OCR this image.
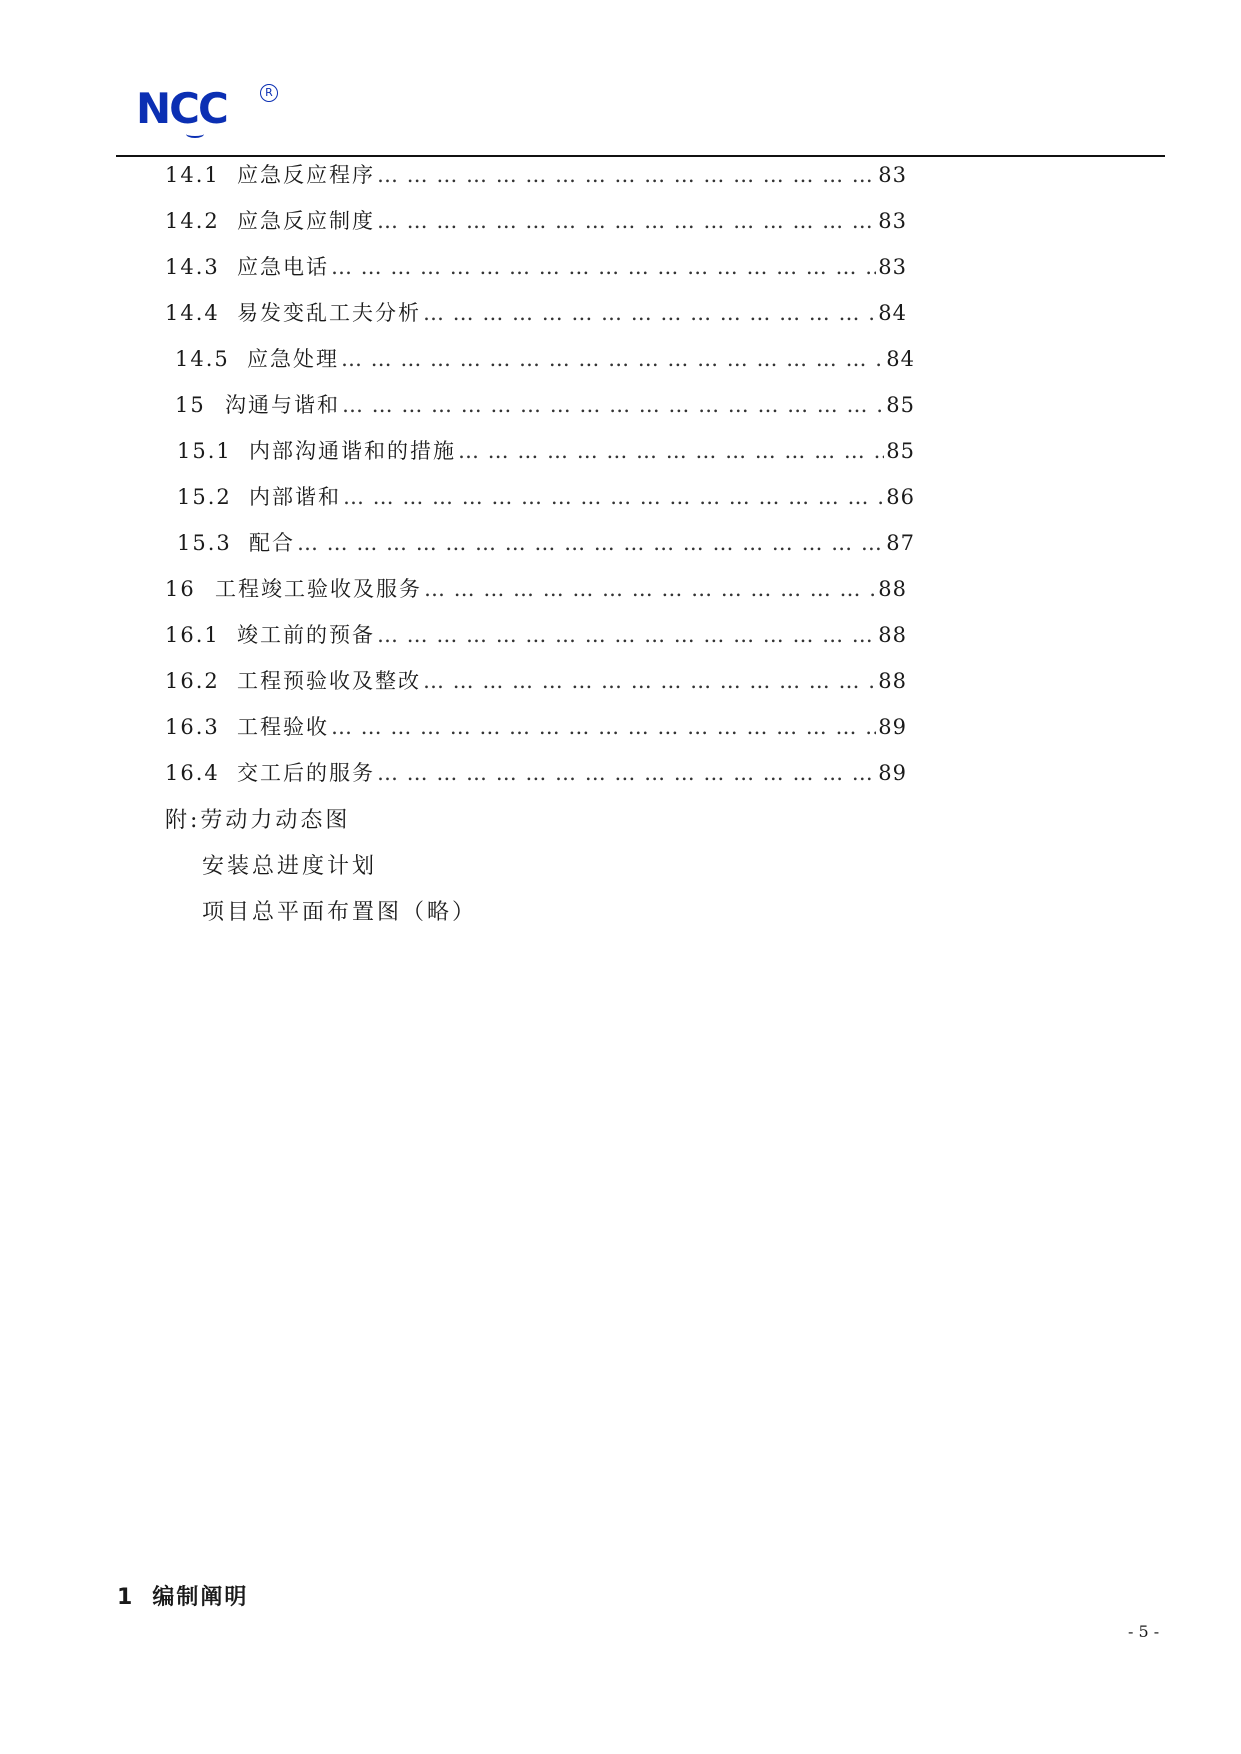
NCC	R
14.1 应急反应程序 … … … … … … … … … … … … … … … … … … … … … … … … … … … … … … … … … … … … … … … … … … … … … … … … … …	83
14.2 应急反应制度 … … … … … … … … … … … … … … … … … … … … … … … … … … … … … … … … … … … … … … … … … … … … … … … … … …	83
14.3 应急电话 … … … … … … … … … … … … … … … … … … … … … … … … … … … … … … … … … … … … … … … … … … … … … … … … … …	83
14.4 易发变乱工夫分析 … … … … … … … … … … … … … … … … … … … … … … … … … … … … … … … … … … … … … … … … … … … … … … … … … …	84
14.5 应急处理 … … … … … … … … … … … … … … … … … … … … … … … … … … … … … … … … … … … … … … … … … … … … … … … … … …	84
15 沟通与谐和 … … … … … … … … … … … … … … … … … … … … … … … … … … … … … … … … … … … … … … … … … … … … … … … … … …	85
15.1 内部沟通谐和的措施 … … … … … … … … … … … … … … … … … … … … … … … … … … … … … … … … … … … … … … … … … … … … … … … … … …	85
15.2 内部谐和 … … … … … … … … … … … … … … … … … … … … … … … … … … … … … … … … … … … … … … … … … … … … … … … … … …	86
15.3 配合 … … … … … … … … … … … … … … … … … … … … … … … … … … … … … … … … … … … … … … … … … … … … … … … … … …	87
16 工程竣工验收及服务 … … … … … … … … … … … … … … … … … … … … … … … … … … … … … … … … … … … … … … … … … … … … … … … … … …	88
16.1 竣工前的预备 … … … … … … … … … … … … … … … … … … … … … … … … … … … … … … … … … … … … … … … … … … … … … … … … … …	88
16.2 工程预验收及整改 … … … … … … … … … … … … … … … … … … … … … … … … … … … … … … … … … … … … … … … … … … … … … … … … … …	88
16.3 工程验收 … … … … … … … … … … … … … … … … … … … … … … … … … … … … … … … … … … … … … … … … … … … … … … … … … …	89
16.4 交工后的服务 … … … … … … … … … … … … … … … … … … … … … … … … … … … … … … … … … … … … … … … … … … … … … … … … … …	89
附:劳动力动态图
安装总进度计划
项目总平面布置图（略）
1 编制阐明
- 5 -
